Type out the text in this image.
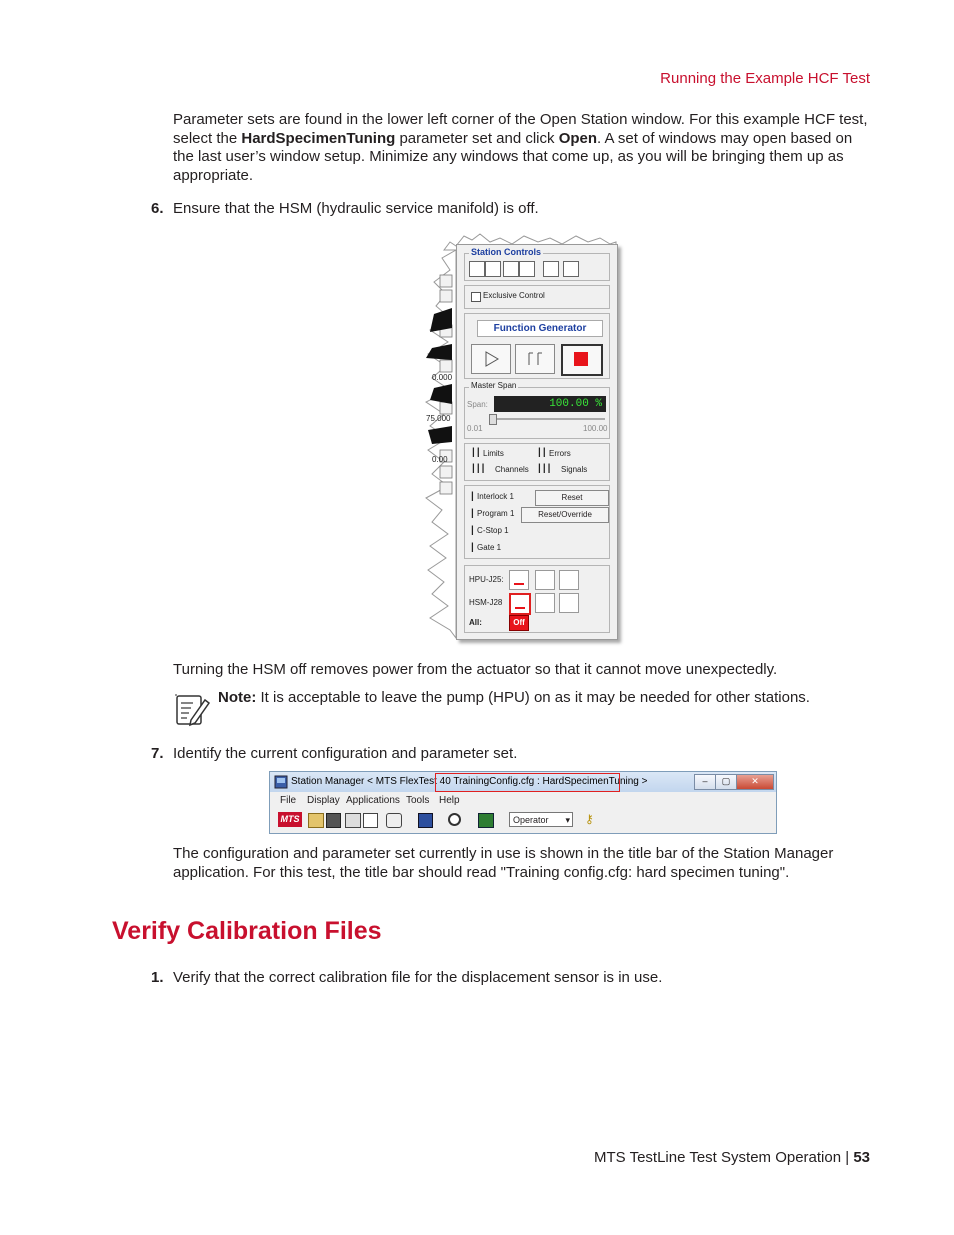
Running the Example HCF Test
Parameter sets are found in the lower left corner of the Open Station window. For this example HCF test, select the HardSpecimenTuning parameter set and click Open. A set of windows may open based on the last user’s window setup. Minimize any windows that come up, as you will be bringing them up as appropriate.
6. Ensure that the HSM (hydraulic service manifold) is off.
0.000
75.000
0.00
Station Controls
Exclusive Control
Function Generator
Master Span
Span:	100.00 %
0.01	100.00
┃┃ Limits	┃┃ Errors
┃┃┃ Channels ┃┃┃ Signals
┃ Interlock 1	Reset
┃ Program 1	Reset/Override
┃ C-Stop 1
┃ Gate 1
HPU-J25:
HSM-J28
All:	Off
Turning the HSM off removes power from the actuator so that it cannot move unexpectedly.
Note: It is acceptable to leave the pump (HPU) on as it may be needed for other stations.
7. Identify the current configuration and parameter set.
Station Manager < MTS FlexTest 40 TrainingConfig.cfg : HardSpecimenTuning >	‒	▢	✕
File Display Applications Tools Help
MTS	Operator ▾ ⚷
The configuration and parameter set currently in use is shown in the title bar of the Station Manager application. For this test, the title bar should read "Training config.cfg: hard specimen tuning".
Verify Calibration Files
1. Verify that the correct calibration file for the displacement sensor is in use.
MTS TestLine Test System Operation | 53
